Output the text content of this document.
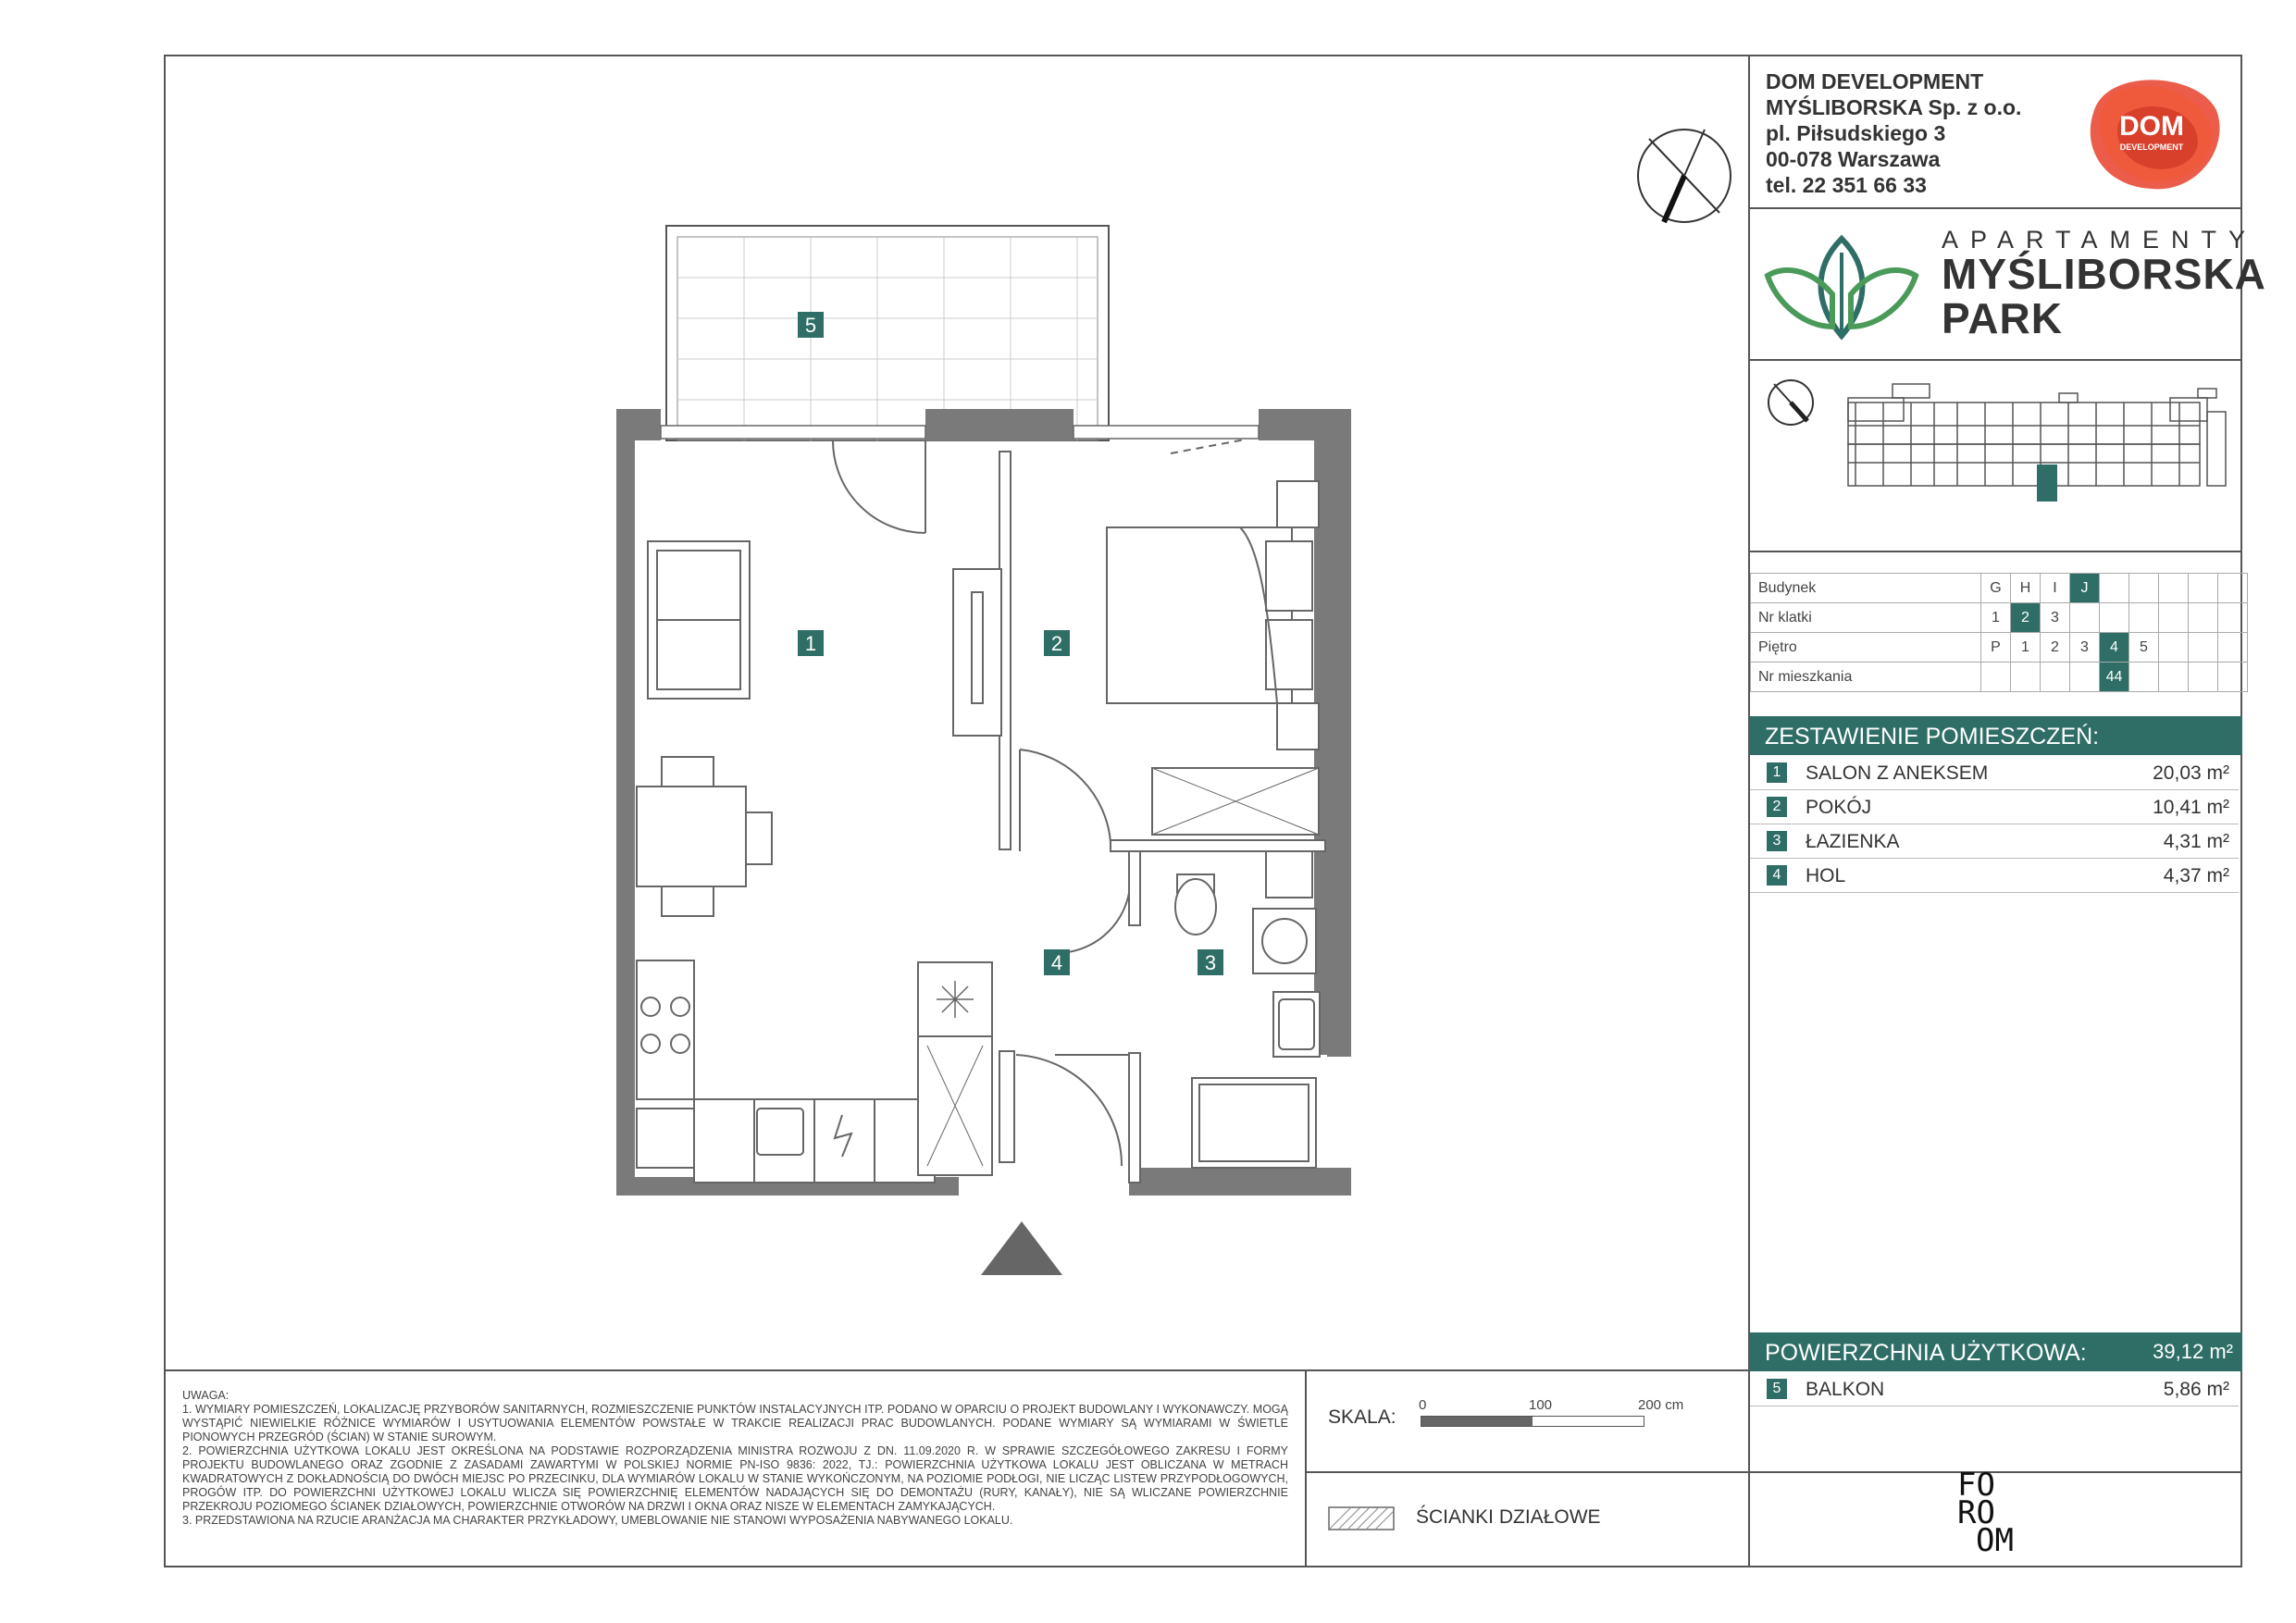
DOM DEVELOPMENT
MYŚLIBORSKA Sp. z o.o.
pl. Piłsudskiego 3
00-078 Warszawa
tel. 22 351 66 33
DOM
DEVELOPMENT
APARTAMENTY
MYŚLIBORSKA
PARK
Budynek	G	H	I	J					
Nr klatki	1	2	3						
Piętro	P	1	2	3	4	5			
Nr mieszkania					44				
ZESTAWIENIE POMIESZCZEŃ:
1	SALON Z ANEKSEM	20,03 m²
2	POKÓJ	10,41 m²
3	ŁAZIENKA	4,31 m²
4	HOL	4,37 m²
POWIERZCHNIA UŻYTKOWA:	39,12 m²
5	BALKON	5,86 m²
5
1	2
4	3

UWAGA:

1. WYMIARY POMIESZCZEŃ, LOKALIZACJĘ PRZYBORÓW SANITARNYCH, ROZMIESZCZENIE PUNKTÓW INSTALACYJNYCH ITP. PODANO W OPARCIU O PROJEKT BUDOWLANY I WYKONAWCZY. MOGĄ WYSTĄPIĆ NIEWIELKIE RÓŻNICE WYMIARÓW I USYTUOWANIA ELEMENTÓW POWSTAŁE W TRAKCIE REALIZACJI PRAC BUDOWLANYCH. PODANE WYMIARY SĄ WYMIARAMI W ŚWIETLE PIONOWYCH PRZEGRÓD (ŚCIAN) W STANIE SUROWYM.

2. POWIERZCHNIA UŻYTKOWA LOKALU JEST OKREŚLONA NA PODSTAWIE ROZPORZĄDZENIA MINISTRA ROZWOJU Z DN. 11.09.2020 R. W SPRAWIE SZCZEGÓŁOWEGO ZAKRESU I FORMY PROJEKTU BUDOWLANEGO ORAZ ZGODNIE Z ZASADAMI ZAWARTYMI W POLSKIEJ NORMIE PN-ISO 9836: 2022, TJ.: POWIERZCHNIA UŻYTKOWA LOKALU JEST OBLICZANA W METRACH KWADRATOWYCH Z DOKŁADNOŚCIĄ DO DWÓCH MIEJSC PO PRZECINKU, DLA WYMIARÓW LOKALU W STANIE WYKOŃCZONYM, NA POZIOMIE PODŁOGI, NIE LICZĄC LISTEW PRZYPODŁOGOWYCH, PROGÓW ITP. DO POWIERZCHNI UŻYTKOWEJ LOKALU WLICZA SIĘ POWIERZCHNIĘ ELEMENTÓW NADAJĄCYCH SIĘ DO DEMONTAŻU (RURY, KANAŁY), NIE SĄ WLICZANE POWIERZCHNIE PRZEKROJU POZIOMEGO ŚCIANEK DZIAŁOWYCH, POWIERZCHNIE OTWORÓW NA DRZWI I OKNA ORAZ NISZE W ELEMENTACH ZAMYKAJĄCYCH.

3. PRZEDSTAWIONA NA RZUCIE ARANŻACJA MA CHARAKTER PRZYKŁADOWY, UMEBLOWANIE NIE STANOWI WYPOSAŻENIA NABYWANEGO LOKALU.

SKALA:
0	100	200 cm
ŚCIANKI DZIAŁOWE
FO
RO
OM
